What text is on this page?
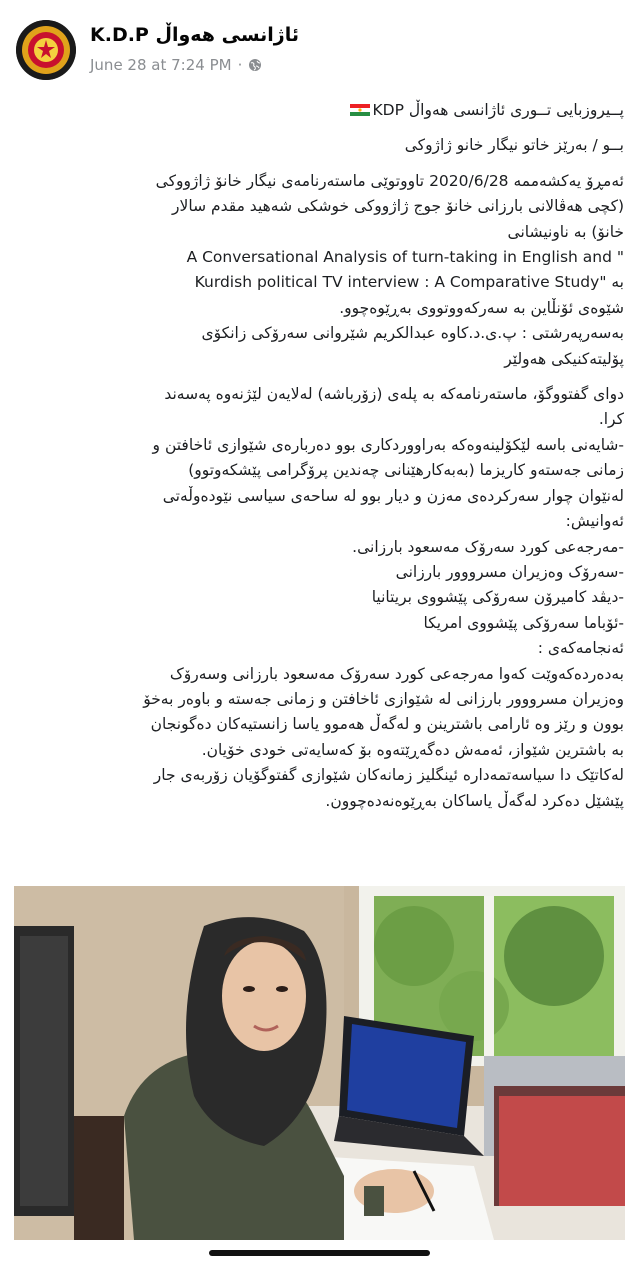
ئاژانسی هەواڵ K.D.P
June 28 at 7:24 PM ·
پــیروزبایی تــوری ئاژانسی هەواڵ KDP
بــو / بەرێز خاتو نیگار خانو ژاژوکی
ئەمڕۆ یەکشەممە 2020/6/28 تاووتوێی ماستەرنامەی نیگار خانۆ ژاژووکی
(کچی هەڤالانی بارزانی خانۆ جوج ژاژووکی خوشکی شەهید مقدم سالار
خانۆ) بە ناونیشانی
A Conversational Analysis of turn-taking in English and "
Kurdish political TV interview : A Comparative Study" بە
شێوەی ئۆنڵاین بە سەرکەووتووی بەڕێوەچوو.
بەسەرپەرشتی : پ.ی.د.کاوە عبدالکریم شێروانی سەرۆکی زانکۆی
پۆلیتەکنیکی هەولێر
دوای گفتووگۆ، ماستەرنامەکە بە پلەی (زۆرباشە) لەلایەن لێژنەوە پەسەند
کرا.
-شایەنی باسە لێکۆلینەوەکە بەراووردکاری بوو دەربارەی شێوازی ئاخافتن و
زمانی جەستەو کاریزما (بەبەکارهێنانی چەندین پرۆگرامی پێشکەوتوو)
لەنێوان چوار سەرکردەی مەزن و دیار بوو لە ساحەی سیاسی نێودەوڵەتی
ئەوانیش:
-مەرجەعی کورد سەرۆک مەسعود بارزانی.
-سەرۆک وەزیران مسرووور بارزانی
-دیڤد کامیرۆن سەرۆکی پێشووی بریتانیا
-ئۆباما سەرۆکی پێشووی امریکا
ئەنجامەکەی :
بەدەردەکەوێت کەوا مەرجەعی کورد سەرۆک مەسعود بارزانی وسەرۆک
وەزیران مسرووور بارزانی لە شێوازی ئاخافتن و زمانی جەستە و باوەر بەخۆ
بوون و رێز وە ئارامی باشترینن و لەگەڵ هەموو یاسا زانستیەکان دەگونجان
بە باشترین شێواز، ئەمەش دەگەڕێتەوە بۆ کەسایەتی خودی خۆیان.
لەکاتێک دا سیاسەتمەدارە ئینگلیز زمانەکان شێوازی گفتوگۆیان زۆربەی جار
پێشێل دەکرد لەگەڵ یاساکان بەڕێوەنەدەچوون.
